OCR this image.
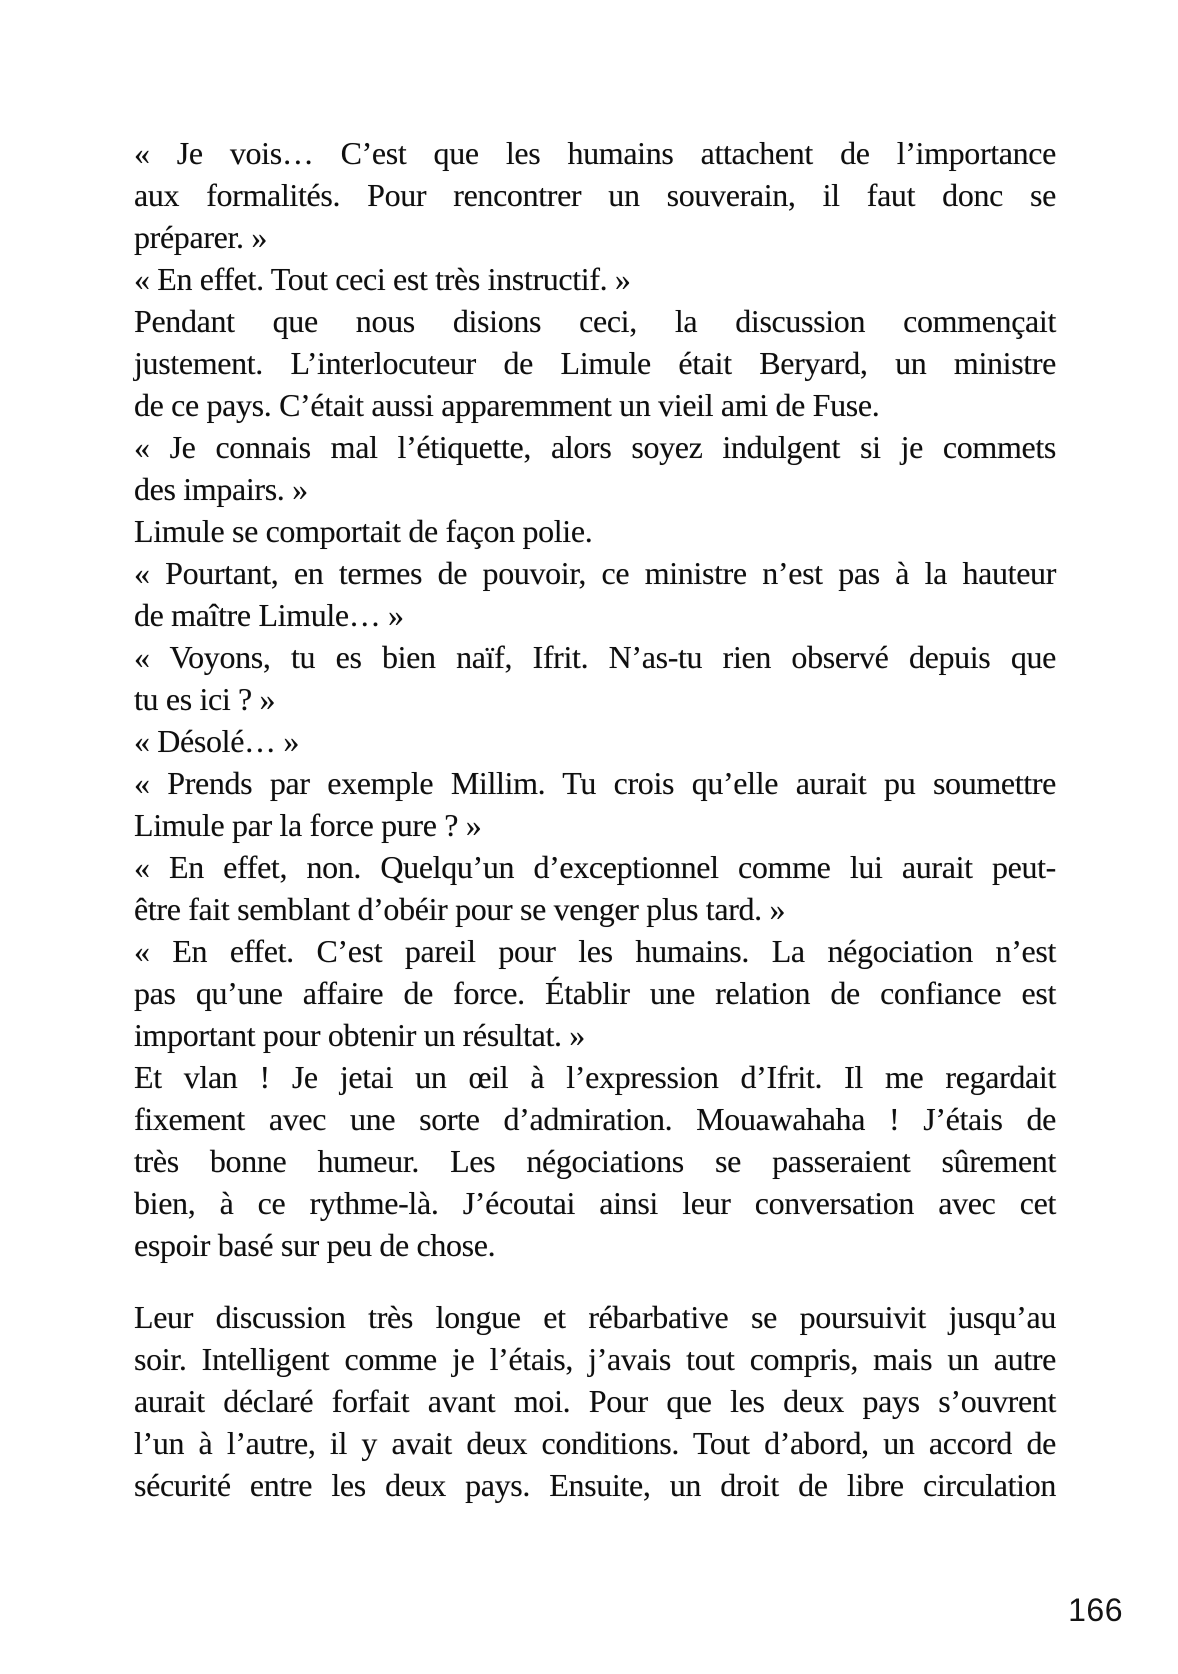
« Je vois… C’est que les humains attachent de l’importance
aux formalités. Pour rencontrer un souverain, il faut donc se
préparer. »

« En effet. Tout ceci est très instructif. »

Pendant que nous disions ceci, la discussion commençait
justement. L’interlocuteur de Limule était Beryard, un ministre
de ce pays. C’était aussi apparemment un vieil ami de Fuse.

« Je connais mal l’étiquette, alors soyez indulgent si je commets
des impairs. »

Limule se comportait de façon polie.

« Pourtant, en termes de pouvoir, ce ministre n’est pas à la hauteur
de maître Limule… »

« Voyons, tu es bien naïf, Ifrit. N’as-tu rien observé depuis que
tu es ici ? »

« Désolé… »

« Prends par exemple Millim. Tu crois qu’elle aurait pu soumettre
Limule par la force pure ? »

« En effet, non. Quelqu’un d’exceptionnel comme lui aurait peut-
être fait semblant d’obéir pour se venger plus tard. »

« En effet. C’est pareil pour les humains. La négociation n’est
pas qu’une affaire de force. Établir une relation de confiance est
important pour obtenir un résultat. »

Et vlan ! Je jetai un œil à l’expression d’Ifrit. Il me regardait
fixement avec une sorte d’admiration. Mouawahaha ! J’étais de
très bonne humeur. Les négociations se passeraient sûrement
bien, à ce rythme-là. J’écoutai ainsi leur conversation avec cet
espoir basé sur peu de chose.

Leur discussion très longue et rébarbative se poursuivit jusqu’au
soir. Intelligent comme je l’étais, j’avais tout compris, mais un autre
aurait déclaré forfait avant moi. Pour que les deux pays s’ouvrent
l’un à l’autre, il y avait deux conditions. Tout d’abord, un accord de
sécurité entre les deux pays. Ensuite, un droit de libre circulation

166
